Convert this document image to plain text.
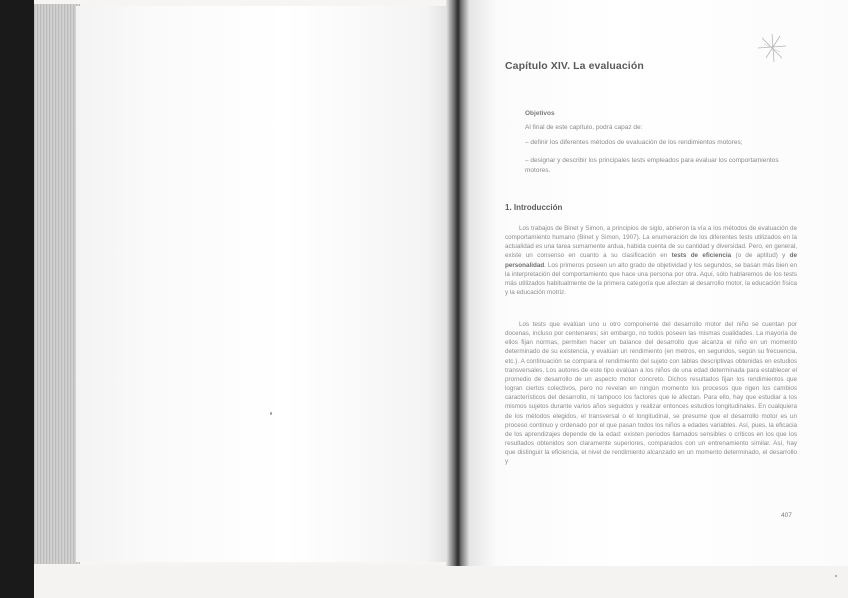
Capítulo XIV. La evaluación

Objetivos

Al final de este capítulo, podrá capaz de:

– definir los diferentes métodos de evaluación de los rendimientos motores;

– designar y describir los principales tests empleados para evaluar los comportamientos motores.

1. Introducción

Los trabajos de Binet y Simon, a principios de siglo, abrieron la vía a los métodos de evaluación de comportamiento humano (Binet y Simon, 1907). La enumeración de los diferentes tests utilizados en la actualidad es una tarea sumamente ardua, habida cuenta de su cantidad y diversidad. Pero, en general, existe un consenso en cuanto a su clasificación en tests de eficiencia (o de aptitud) y de personalidad. Los primeros poseen un alto grado de objetividad y los segundos, se basan más bien en la interpretación del comportamiento que hace una persona por otra. Aquí, sólo hablaremos de los tests más utilizados habitualmente de la primera categoría que afectan al desarrollo motor, la educación física y la educación motriz.

Los tests que evalúan uno u otro componente del desarrollo motor del niño se cuentan por docenas, incluso por centenares; sin embargo, no todos poseen las mismas cualidades. La mayoría de ellos fijan normas, permiten hacer un balance del desarrollo que alcanza el niño en un momento determinado de su existencia, y evalúan un rendimiento (en metros, en segundos, según su frecuencia, etc.). A continuación se compara el rendimiento del sujeto con tablas descriptivas obtenidas en estudios transversales. Los autores de este tipo evalúan a los niños de una edad determinada para establecer el promedio de desarrollo de un aspecto motor concreto. Dichos resultados fijan los rendimientos que logran ciertos colectivos, pero no revelan en ningún momento los procesos que rigen los cambios característicos del desarrollo, ni tampoco los factores que le afectan. Para ello, hay que estudiar a los mismos sujetos durante varios años seguidos y realizar entonces estudios longitudinales. En cualquiera de los métodos elegidos, el transversal o el longitudinal, se presume que el desarrollo motor es un proceso continuo y ordenado por el que pasan todos los niños a edades variables. Así, pues, la eficacia de los aprendizajes depende de la edad: existen periodos llamados sensibles o críticos en los que los resultados obtenidos son claramente superiores, comparados con un entrenamiento similar. Así, hay que distinguir la eficiencia, el nivel de rendimiento alcanzado en un momento determinado, el desarrollo y

407
